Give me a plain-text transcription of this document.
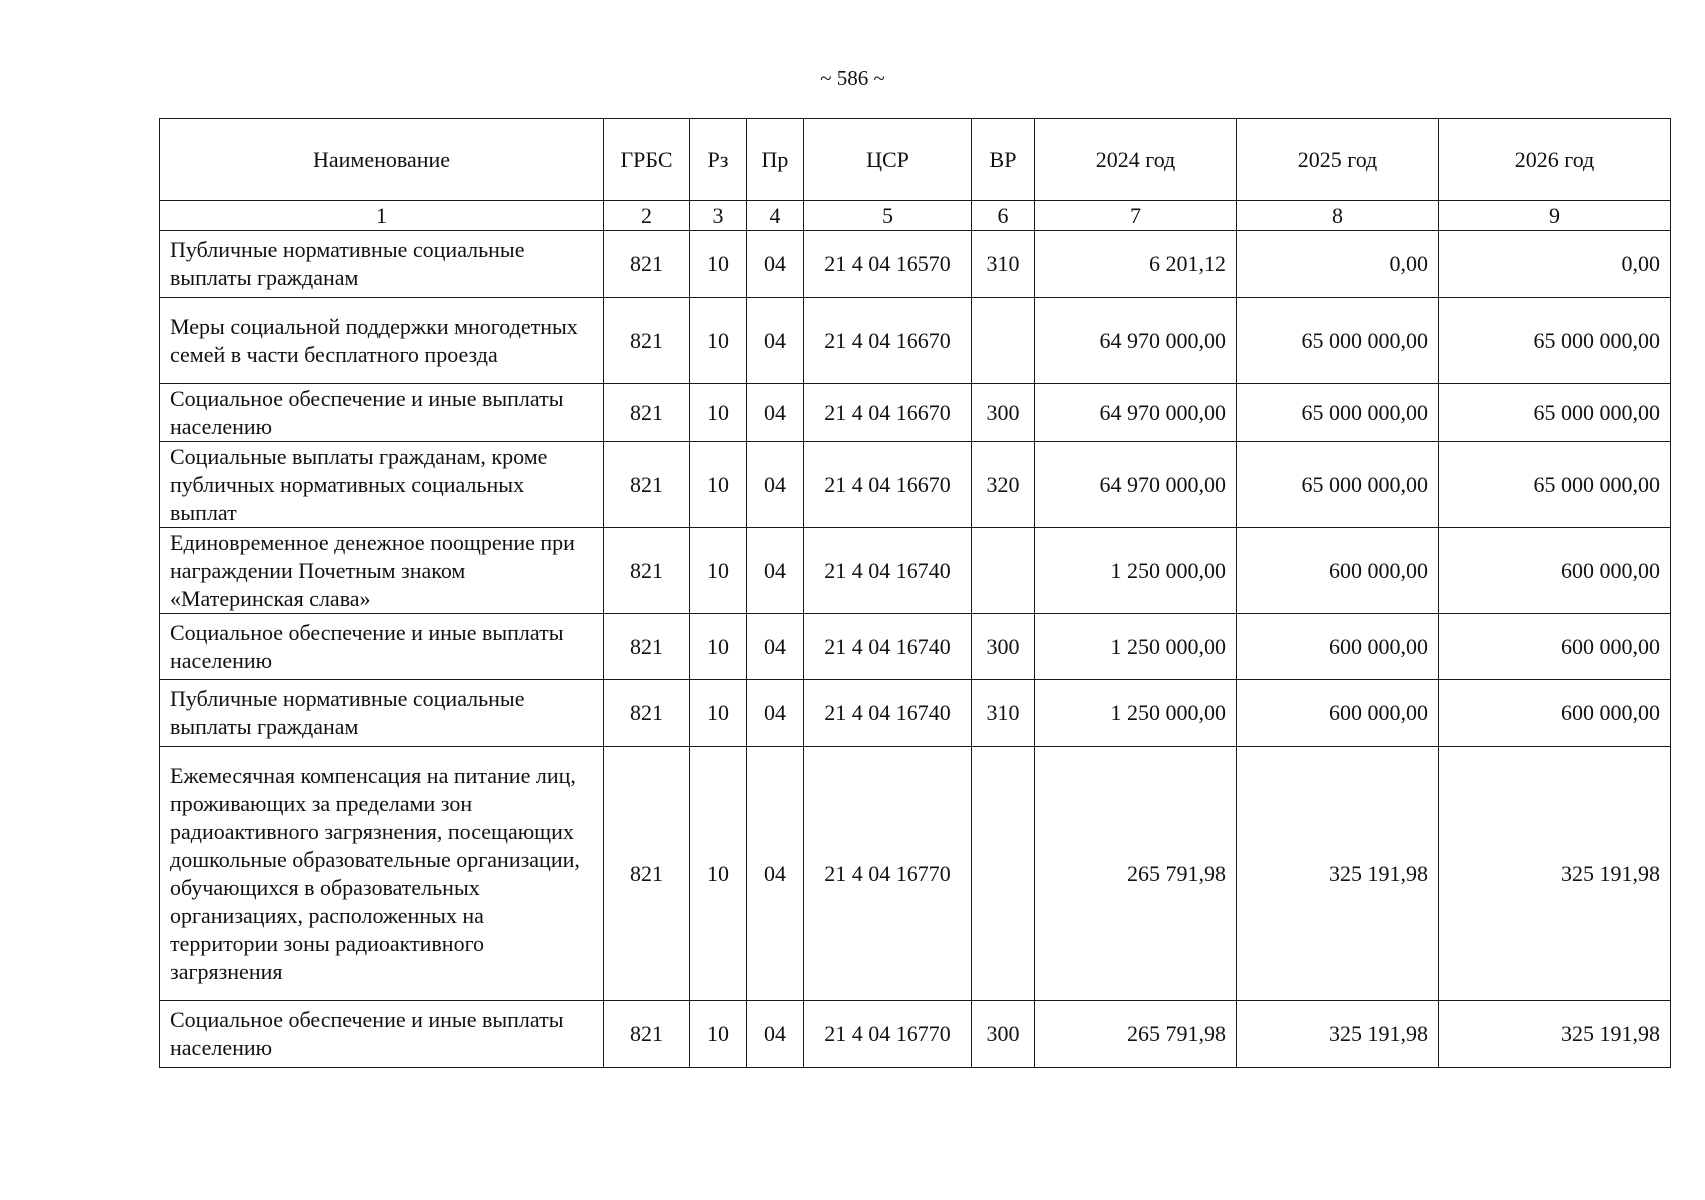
~ 586 ~
Наименование	ГРБС	Рз	Пр	ЦСР	ВР	2024 год	2025 год	2026 год
1	2	3	4	5	6	7	8	9
Публичные нормативные социальные выплаты гражданам	821	10	04	21 4 04 16570	310	6 201,12	0,00	0,00
Меры социальной поддержки многодетных семей в части бесплатного проезда	821	10	04	21 4 04 16670		64 970 000,00	65 000 000,00	65 000 000,00
Социальное обеспечение и иные выплаты населению	821	10	04	21 4 04 16670	300	64 970 000,00	65 000 000,00	65 000 000,00
Социальные выплаты гражданам, кроме публичных нормативных социальных выплат	821	10	04	21 4 04 16670	320	64 970 000,00	65 000 000,00	65 000 000,00
Единовременное денежное поощрение при награждении Почетным знаком «Материнская слава»	821	10	04	21 4 04 16740		1 250 000,00	600 000,00	600 000,00
Социальное обеспечение и иные выплаты населению	821	10	04	21 4 04 16740	300	1 250 000,00	600 000,00	600 000,00
Публичные нормативные социальные выплаты гражданам	821	10	04	21 4 04 16740	310	1 250 000,00	600 000,00	600 000,00
Ежемесячная компенсация на питание лиц, проживающих за пределами зон радиоактивного загрязнения, посещающих дошкольные образовательные организации, обучающихся в образовательных организациях, расположенных на территории зоны радиоактивного загрязнения	821	10	04	21 4 04 16770		265 791,98	325 191,98	325 191,98
Социальное обеспечение и иные выплаты населению	821	10	04	21 4 04 16770	300	265 791,98	325 191,98	325 191,98
